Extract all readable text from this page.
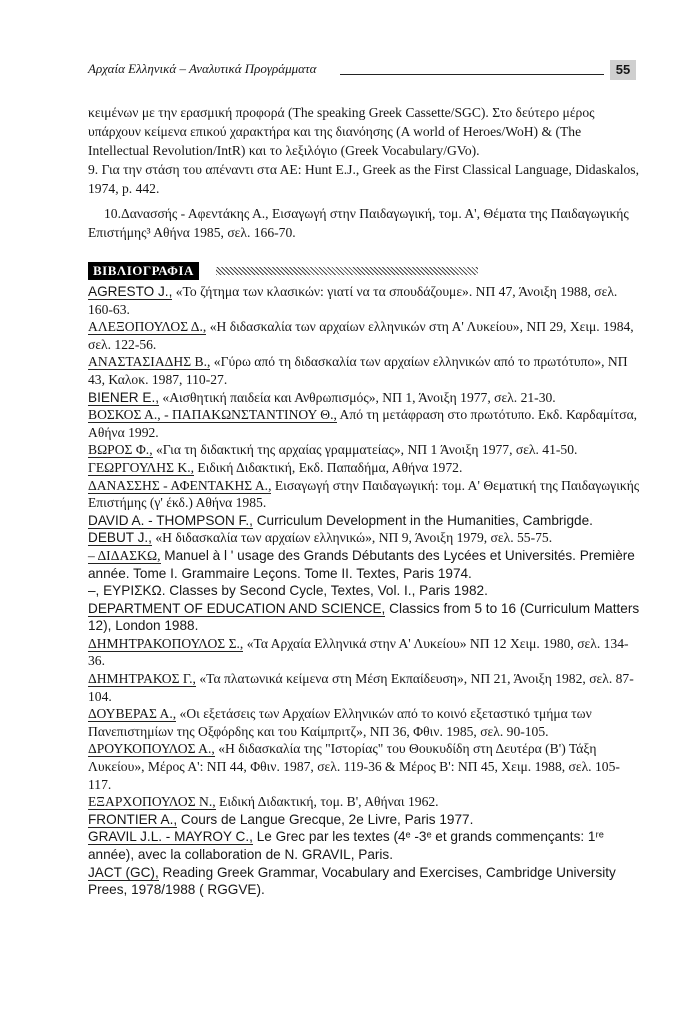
Αρχαία Ελληνικά – Αναλυτικά Προγράμματα	55

κειμένων με την ερασμική προφορά (The speaking Greek Cassette/SGC). Στο δεύτερο μέρος υπάρχουν κείμενα επικού χαρακτήρα και της διανόησης (A world of Heroes/WoH) & (The Intellectual Revolution/IntR) και το λεξιλόγιο (Greek Vocabulary/GVo).

9. Για την στάση του απέναντι στα ΑΕ: Hunt E.J., Greek as the First Classical Language, Didaskalos, 1974, p. 442.

10.Δανασσής - Αφεντάκης Α., Εισαγωγή στην Παιδαγωγική, τομ. Α', Θέματα της Παιδαγωγικής Επιστήμης³ Αθήνα 1985, σελ. 166-70.

ΒΙΒΛΙΟΓΡΑΦΙΑ

AGRESTO J., «Το ζήτημα των κλασικών: γιατί να τα σπουδάζουμε». ΝΠ 47, Άνοιξη 1988, σελ. 160-63.

ΑΛΕΞΟΠΟΥΛΟΣ Δ., «Η διδασκαλία των αρχαίων ελληνικών στη Α' Λυκείου», ΝΠ 29, Χειμ. 1984, σελ. 122-56.

ΑΝΑΣΤΑΣΙΑΔΗΣ Β., «Γύρω από τη διδασκαλία των αρχαίων ελληνικών από το πρωτότυπο», ΝΠ 43, Καλοκ. 1987, 110-27.

BIENER E., «Αισθητική παιδεία και Ανθρωπισμός», ΝΠ 1, Άνοιξη 1977, σελ. 21-30.

ΒΟΣΚΟΣ Α., - ΠΑΠΑΚΩΝΣΤΑΝΤΙΝΟΥ Θ., Από τη μετάφραση στο πρωτότυπο. Εκδ. Καρδαμίτσα, Αθήνα 1992.

ΒΩΡΟΣ Φ., «Για τη διδακτική της αρχαίας γραμματείας», ΝΠ 1 Άνοιξη 1977, σελ. 41-50.

ΓΕΩΡΓΟΥΛΗΣ Κ., Ειδική Διδακτική, Εκδ. Παπαδήμα, Αθήνα 1972.

ΔΑΝΑΣΣΗΣ - ΑΦΕΝΤΑΚΗΣ Α., Εισαγωγή στην Παιδαγωγική: τομ. Α' Θεματική της Παιδαγωγικής Επιστήμης (γ' έκδ.) Αθήνα 1985.

DAVID A. - THOMPSON F., Curriculum Development in the Humanities, Cambrigde.

DEBUT J., «Η διδασκαλία των αρχαίων ελληνικώ», ΝΠ 9, Άνοιξη 1979, σελ. 55-75.

– ΔΙΔΑΣΚΩ, Manuel à l ' usage des Grands Débutants des Lycées et Universités. Première année. Tome I. Grammaire Leçons. Tome II. Textes, Paris 1974.

–, ΕΥΡΙΣΚΩ. Classes by Second Cycle, Textes, Vol. I., Paris 1982.

DEPARTMENT OF EDUCATION AND SCIENCE, Classics from 5 to 16 (Curriculum Matters 12), London 1988.

ΔΗΜΗΤΡΑΚΟΠΟΥΛΟΣ Σ., «Τα Αρχαία Ελληνικά στην Α' Λυκείου» ΝΠ 12 Χειμ. 1980, σελ. 134-36.

ΔΗΜΗΤΡΑΚΟΣ Γ., «Τα πλατωνικά κείμενα στη Μέση Εκπαίδευση», ΝΠ 21, Άνοιξη 1982, σελ. 87-104.

ΔΟΥΒΕΡΑΣ Α., «Οι εξετάσεις των Αρχαίων Ελληνικών από το κοινό εξεταστικό τμήμα των Πανεπιστημίων της Οξφόρδης και του Καίμπριτζ», ΝΠ 36, Φθιν. 1985, σελ. 90-105.

ΔΡΟΥΚΟΠΟΥΛΟΣ Α., «Η διδασκαλία της "Ιστορίας" του Θουκυδίδη στη Δευτέρα (Β') Τάξη Λυκείου», Μέρος Α': ΝΠ 44, Φθιν. 1987, σελ. 119-36 & Μέρος Β': ΝΠ 45, Χειμ. 1988, σελ. 105-117.

ΕΞΑΡΧΟΠΟΥΛΟΣ Ν., Ειδική Διδακτική, τομ. Β', Αθήναι 1962.

FRONTIER A., Cours de Langue Grecque, 2e Livre, Paris 1977.

GRAVIL J.L. - MAYROY C., Le Grec par les textes (4ᵉ -3ᵉ et grands commençants: 1ʳᵉ année), avec la collaboration de N. GRAVIL, Paris.

JACT (GC), Reading Greek Grammar, Vocabulary and Exercises, Cambridge University Prees, 1978/1988 ( RGGVE).
